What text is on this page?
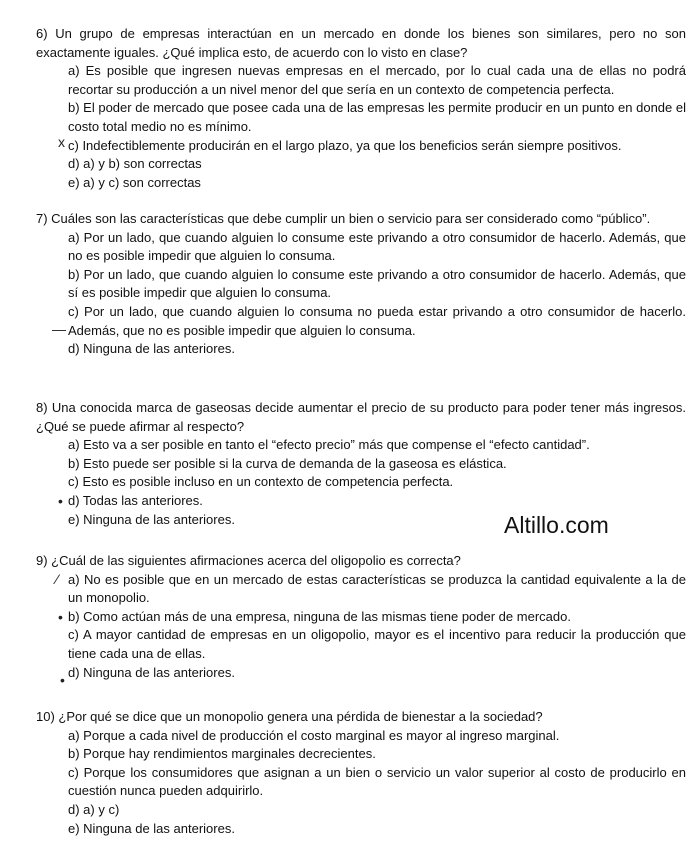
6) Un grupo de empresas interactúan en un mercado en donde los bienes son similares, pero no son exactamente iguales. ¿Qué implica esto, de acuerdo con lo visto en clase?
a) Es posible que ingresen nuevas empresas en el mercado, por lo cual cada una de ellas no podrá recortar su producción a un nivel menor del que sería en un contexto de competencia perfecta.
b) El poder de mercado que posee cada una de las empresas les permite producir en un punto en donde el costo total medio no es mínimo.
c) Indefectiblemente producirán en el largo plazo, ya que los beneficios serán siempre positivos.
d) a) y b) son correctas
e) a) y c) son correctas
x
7) Cuáles son las características que debe cumplir un bien o servicio para ser considerado como “público”.
a) Por un lado, que cuando alguien lo consume este privando a otro consumidor de hacerlo. Además, que no es posible impedir que alguien lo consuma.
b) Por un lado, que cuando alguien lo consume este privando a otro consumidor de hacerlo. Además, que sí es posible impedir que alguien lo consuma.
c) Por un lado, que cuando alguien lo consuma no pueda estar privando a otro consumidor de hacerlo. Además, que no es posible impedir que alguien lo consuma.
d) Ninguna de las anteriores.
—
8) Una conocida marca de gaseosas decide aumentar el precio de su producto para poder tener más ingresos. ¿Qué se puede afirmar al respecto?
a) Esto va a ser posible en tanto el “efecto precio” más que compense el “efecto cantidad”.
b) Esto puede ser posible si la curva de demanda de la gaseosa es elástica.
c) Esto es posible incluso en un contexto de competencia perfecta.
d) Todas las anteriores.
e) Ninguna de las anteriores.
•
Altillo.com
9) ¿Cuál de las siguientes afirmaciones acerca del oligopolio es correcta?
a) No es posible que en un mercado de estas características se produzca la cantidad equivalente a la de un monopolio.
b) Como actúan más de una empresa, ninguna de las mismas tiene poder de mercado.
c) A mayor cantidad de empresas en un oligopolio, mayor es el incentivo para reducir la producción que tiene cada una de ellas.
d) Ninguna de las anteriores.
⁄
•
•
10) ¿Por qué se dice que un monopolio genera una pérdida de bienestar a la sociedad?
a) Porque a cada nivel de producción el costo marginal es mayor al ingreso marginal.
b) Porque hay rendimientos marginales decrecientes.
c) Porque los consumidores que asignan a un bien o servicio un valor superior al costo de producirlo en cuestión nunca pueden adquirirlo.
d) a) y c)
e) Ninguna de las anteriores.
